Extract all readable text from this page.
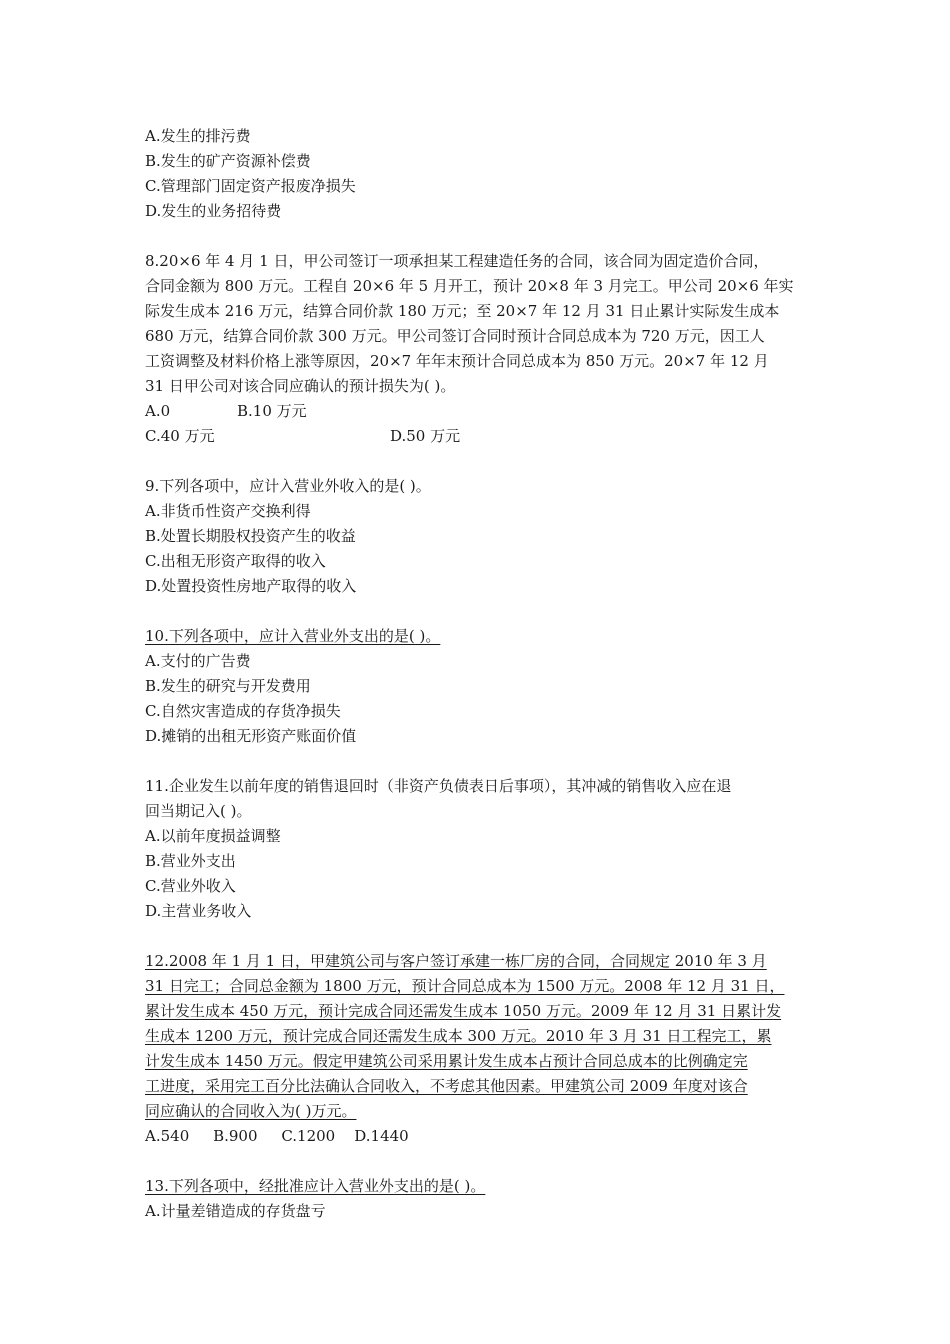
A.发生的排污费
B.发生的矿产资源补偿费
C.管理部门固定资产报废净损失
D.发生的业务招待费
8.20×6 年 4 月 1 日，甲公司签订一项承担某工程建造任务的合同，该合同为固定造价合同，
合同金额为 800 万元。工程自 20×6 年 5 月开工，预计 20×8 年 3 月完工。甲公司 20×6 年实
际发生成本 216 万元，结算合同价款 180 万元；至 20×7 年 12 月 31 日止累计实际发生成本
680 万元，结算合同价款 300 万元。甲公司签订合同时预计合同总成本为 720 万元，因工人
工资调整及材料价格上涨等原因，20×7 年年末预计合同总成本为 850 万元。20×7 年 12 月
31 日甲公司对该合同应确认的预计损失为( )。
A.0	B.10 万元
C.40 万元	D.50 万元
9.下列各项中，应计入营业外收入的是( )。
A.非货币性资产交换利得
B.处置长期股权投资产生的收益
C.出租无形资产取得的收入
D.处置投资性房地产取得的收入
10.下列各项中，应计入营业外支出的是( )。
A.支付的广告费
B.发生的研究与开发费用
C.自然灾害造成的存货净损失
D.摊销的出租无形资产账面价值
11.企业发生以前年度的销售退回时（非资产负债表日后事项），其冲减的销售收入应在退
回当期记入( )。
A.以前年度损益调整
B.营业外支出
C.营业外收入
D.主营业务收入
12.2008 年 1 月 1 日，甲建筑公司与客户签订承建一栋厂房的合同，合同规定 2010 年 3 月
31 日完工；合同总金额为 1800 万元，预计合同总成本为 1500 万元。2008 年 12 月 31 日，
累计发生成本 450 万元，预计完成合同还需发生成本 1050 万元。2009 年 12 月 31 日累计发
生成本 1200 万元，预计完成合同还需发生成本 300 万元。2010 年 3 月 31 日工程完工，累
计发生成本 1450 万元。假定甲建筑公司采用累计发生成本占预计合同总成本的比例确定完
工进度，采用完工百分比法确认合同收入，不考虑其他因素。甲建筑公司 2009 年度对该合
同应确认的合同收入为( )万元。
A.540     B.900     C.1200    D.1440
13.下列各项中，经批准应计入营业外支出的是( )。
A.计量差错造成的存货盘亏
